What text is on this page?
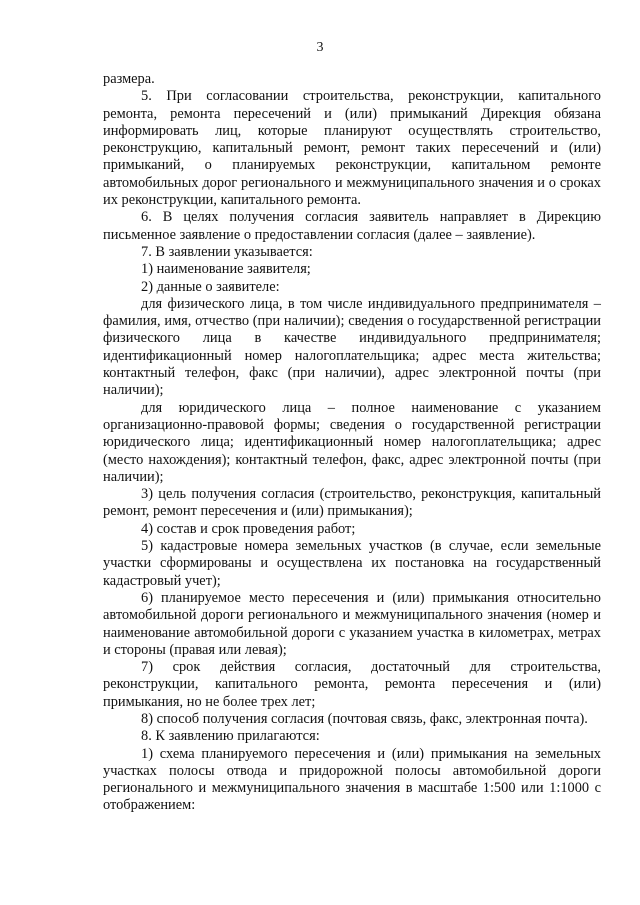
3

размера.

5. При согласовании строительства, реконструкции, капитального ремонта, ремонта пересечений и (или) примыканий Дирекция обязана информировать лиц, которые планируют осуществлять строительство, реконструкцию, капитальный ремонт, ремонт таких пересечений и (или) примыканий, о планируемых реконструкции, капитальном ремонте автомобильных дорог регионального и межмуниципального значения и о сроках их реконструкции, капитального ремонта.

6. В целях получения согласия заявитель направляет в Дирекцию письменное заявление о предоставлении согласия (далее – заявление).

7. В заявлении указывается:

1) наименование заявителя;

2) данные о заявителе:

для физического лица, в том числе индивидуального предпринимателя – фамилия, имя, отчество (при наличии); сведения о государственной регистрации физического лица в качестве индивидуального предпринимателя; идентификационный номер налогоплательщика; адрес места жительства; контактный телефон, факс (при наличии), адрес электронной почты (при наличии);

для юридического лица – полное наименование с указанием организационно-правовой формы; сведения о государственной регистрации юридического лица; идентификационный номер налогоплательщика; адрес (место нахождения); контактный телефон, факс, адрес электронной почты (при наличии);

3) цель получения согласия (строительство, реконструкция, капитальный ремонт, ремонт пересечения и (или) примыкания);

4) состав и срок проведения работ;

5) кадастровые номера земельных участков (в случае, если земельные участки сформированы и осуществлена их постановка на государственный кадастровый учет);

6) планируемое место пересечения и (или) примыкания относительно автомобильной дороги регионального и межмуниципального значения (номер и наименование автомобильной дороги с указанием участка в километрах, метрах и стороны (правая или левая);

7) срок действия согласия, достаточный для строительства, реконструкции, капитального ремонта, ремонта пересечения и (или) примыкания, но не более трех лет;

8) способ получения согласия (почтовая связь, факс, электронная почта).

8. К заявлению прилагаются:

1) схема планируемого пересечения и (или) примыкания на земельных участках полосы отвода и придорожной полосы автомобильной дороги регионального и межмуниципального значения в масштабе 1:500 или 1:1000 с отображением:
